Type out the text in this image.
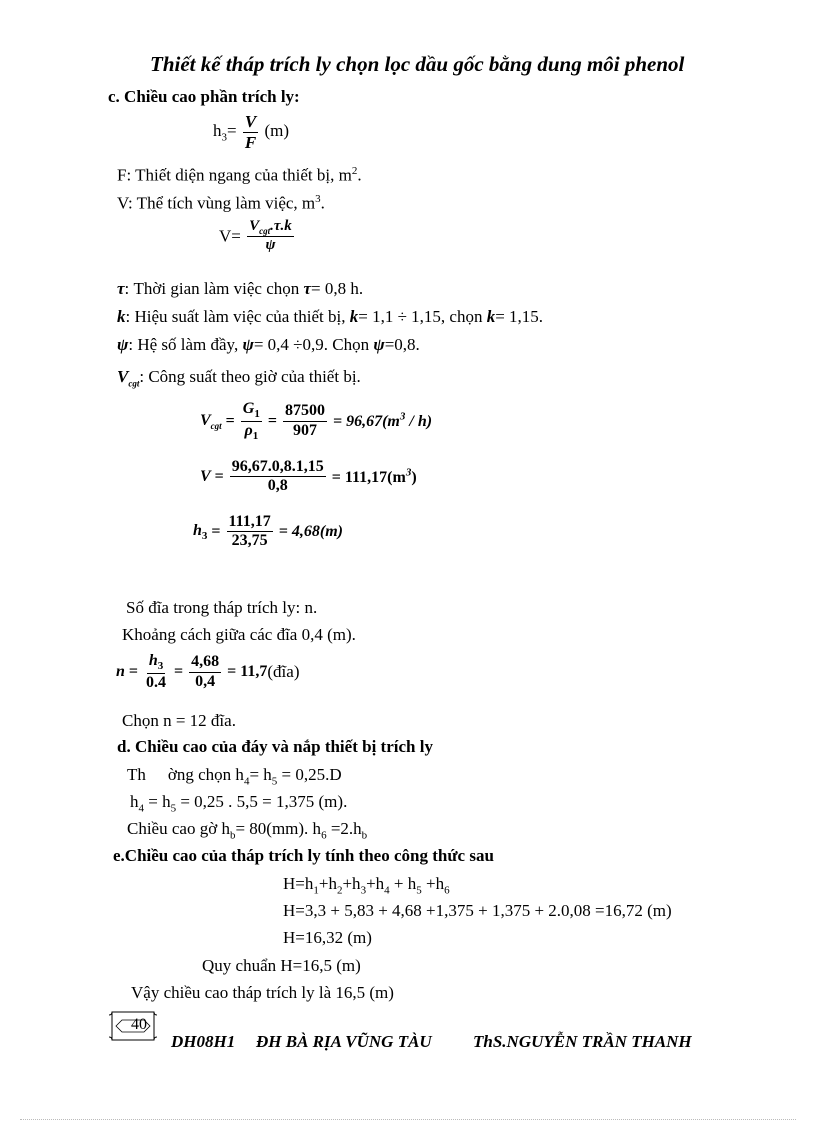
Thiết kế tháp trích ly chọn lọc dầu gốc bằng dung môi phenol
c. Chiều cao phần trích ly:
$h_3= \frac{V}{F} (m)$
F: Thiết diện ngang của thiết bị, $m^2$.
V: Thể tích vùng làm việc, $m^3$.
$V= \frac{V_{cgt}.\tau.k}{\psi}$
τ: Thời gian làm việc chọn τ= 0,8 h.
k: Hiệu suất làm việc của thiết bị, k= 1,1 ÷ 1,15, chọn k= 1,15.
ψ: Hệ số làm đầy, ψ= 0,4 ÷0,9. Chọn ψ=0,8.
$V_{cgt}$: Công suất theo giờ của thiết bị.
$V_{cgt} = \frac{G_1}{\rho_1} = \frac{87500}{907} = 96,67(m^3 / h)$
$V = \frac{96,67.0,8.1,15}{0,8} = 111,17(m^3)$
$h_3 = \frac{111,17}{23,75} = 4,68(m)$
Số đĩa trong tháp trích ly: n.
Khoảng cách giữa các đĩa 0,4 (m).
$n = \frac{h_3}{0.4} = \frac{4,68}{0,4}$ = 11,7(đĩa)
Chọn n = 12 đĩa.
d. Chiều cao của đáy và nắp thiết bị trích ly
Th ờng chọn $h_4= h_5 = 0,25.D$
$h_4 = h_5 = 0,25$ . 5,5 = 1,375 (m).
Chiều cao gờ $h_b= 80(mm)$. $h_6 =2.h_b$
e.Chiều cao của tháp trích ly tính theo công thức sau
$H=h_1+h_2+h_3+h_4 + h_5 +h_6$
H=3,3 + 5,83 + 4,68 +1,375 + 1,375 + 2.0,08 =16,72 (m)
H=16,32 (m)
Quy chuẩn H=16,5 (m)
Vậy chiều cao tháp trích ly là 16,5 (m)
40
DH08H1 ĐH BÀ RỊA VŨNG TÀU ThS.NGUYỄN TRẦN THANH
